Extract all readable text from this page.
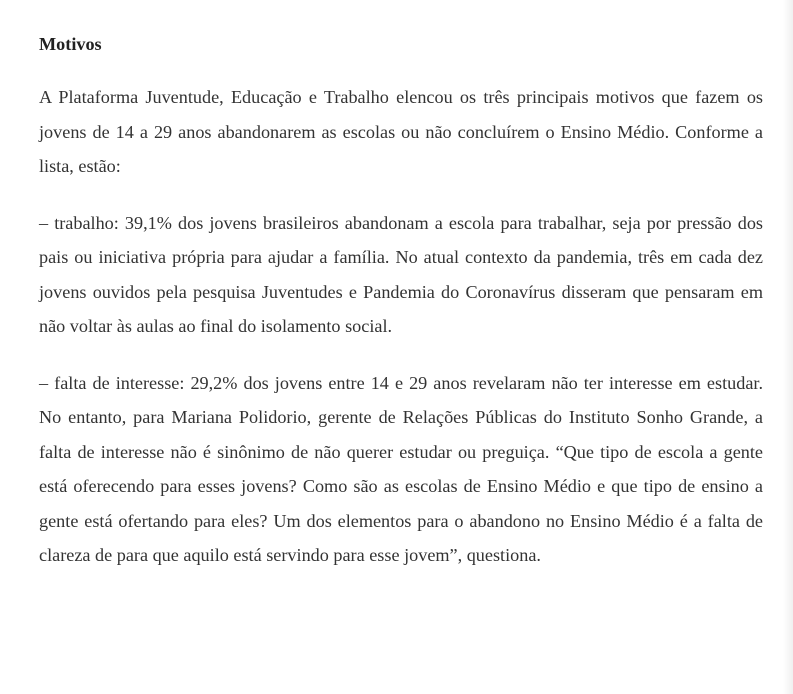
Motivos

A Plataforma Juventude, Educação e Trabalho elencou os três principais motivos que fazem os jovens de 14 a 29 anos abandonarem as escolas ou não concluírem o Ensino Médio. Conforme a lista, estão:

– trabalho: 39,1% dos jovens brasileiros abandonam a escola para trabalhar, seja por pressão dos pais ou iniciativa própria para ajudar a família. No atual contexto da pandemia, três em cada dez jovens ouvidos pela pesquisa Juventudes e Pandemia do Coronavírus disseram que pensaram em não voltar às aulas ao final do isolamento social.

– falta de interesse: 29,2% dos jovens entre 14 e 29 anos revelaram não ter interesse em estudar. No entanto, para Mariana Polidorio, gerente de Relações Públicas do Instituto Sonho Grande, a falta de interesse não é sinônimo de não querer estudar ou preguiça. “Que tipo de escola a gente está oferecendo para esses jovens? Como são as escolas de Ensino Médio e que tipo de ensino a gente está ofertando para eles? Um dos elementos para o abandono no Ensino Médio é a falta de clareza de para que aquilo está servindo para esse jovem”, questiona.
